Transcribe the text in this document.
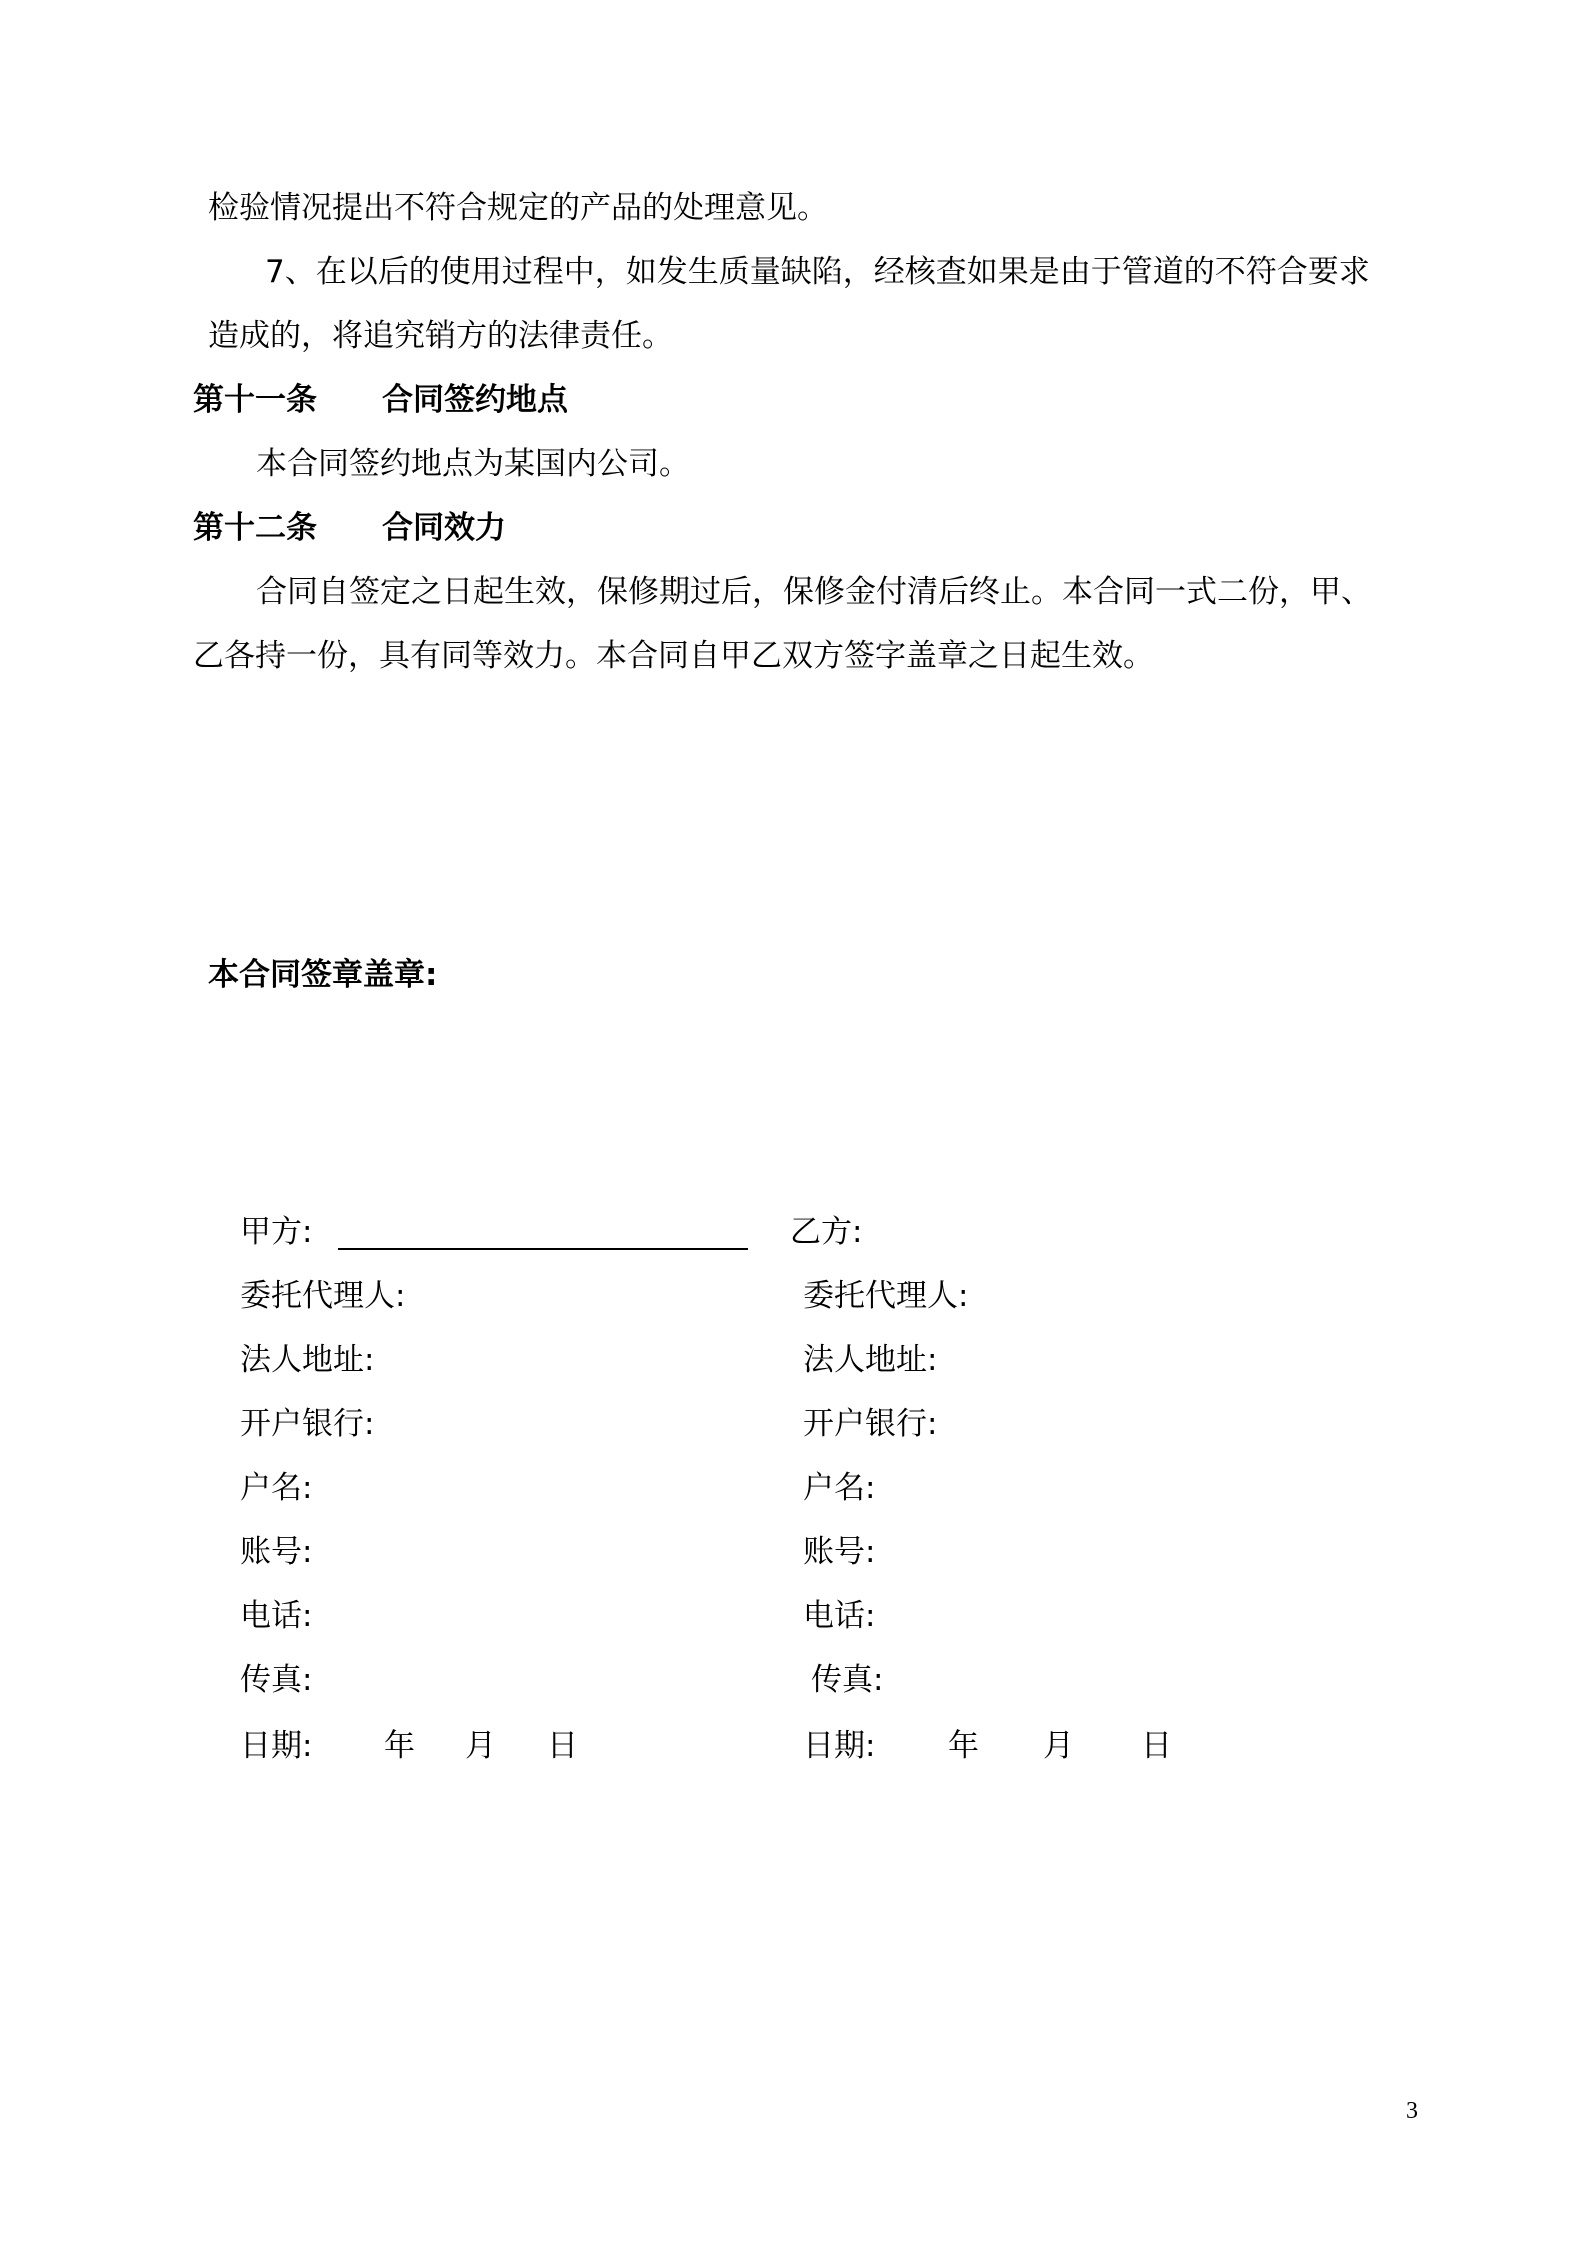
检验情况提出不符合规定的产品的处理意见。
7、在以后的使用过程中，如发生质量缺陷，经核查如果是由于管道的不符合要求
造成的，将追究销方的法律责任。
第十一条 合同签约地点
本合同签约地点为某国内公司。
第十二条 合同效力
合同自签定之日起生效，保修期过后，保修金付清后终止。本合同一式二份，甲、
乙各持一份，具有同等效力。本合同自甲乙双方签字盖章之日起生效。
本合同签章盖章:
甲方:
委托代理人:
法人地址:
开户银行:
户名:
账号:
电话:
传真:
日期: 年 月 日
乙方:
委托代理人:
法人地址:
开户银行:
户名:
账号:
电话:
传真:
日期: 年 月 日
3
